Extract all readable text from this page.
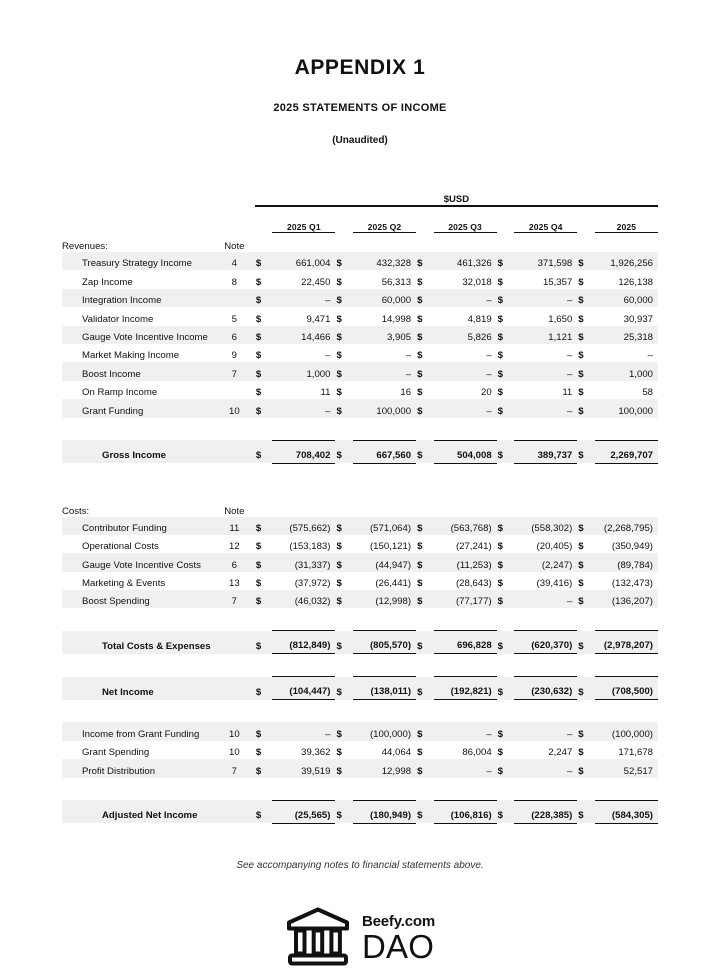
APPENDIX 1
2025 STATEMENTS OF INCOME
(Unaudited)
		$USD									

			2025 Q1		2025 Q2		2025 Q3		2025 Q4		2025
Revenues:	Note										
Treasury Strategy Income	4	$	661,004	$	432,328	$	461,326	$	371,598	$	1,926,256
Zap Income	8	$	22,450	$	56,313	$	32,018	$	15,357	$	126,138
Integration Income		$	–	$	60,000	$	–	$	–	$	60,000
Validator Income	5	$	9,471	$	14,998	$	4,819	$	1,650	$	30,937
Gauge Vote Incentive Income	6	$	14,466	$	3,905	$	5,826	$	1,121	$	25,318
Market Making Income	9	$	–	$	–	$	–	$	–	$	–
Boost Income	7	$	1,000	$	–	$	–	$	–	$	1,000
On Ramp Income		$	11	$	16	$	20	$	11	$	58
Grant Funding	10	$	–	$	100,000	$	–	$	–	$	100,000

Gross Income		$	708,402	$	667,560	$	504,008	$	389,737	$	2,269,707

Costs:	Note										
Contributor Funding	11	$	(575,662)	$	(571,064)	$	(563,768)	$	(558,302)	$	(2,268,795)
Operational Costs	12	$	(153,183)	$	(150,121)	$	(27,241)	$	(20,405)	$	(350,949)
Gauge Vote Incentive Costs	6	$	(31,337)	$	(44,947)	$	(11,253)	$	(2,247)	$	(89,784)
Marketing & Events	13	$	(37,972)	$	(26,441)	$	(28,643)	$	(39,416)	$	(132,473)
Boost Spending	7	$	(46,032)	$	(12,998)	$	(77,177)	$	–	$	(136,207)

Total Costs & Expenses		$	(812,849)	$	(805,570)	$	696,828	$	(620,370)	$	(2,978,207)

Net Income		$	(104,447)	$	(138,011)	$	(192,821)	$	(230,632)	$	(708,500)

Income from Grant Funding	10	$	–	$	(100,000)	$	–	$	–	$	(100,000)
Grant Spending	10	$	39,362	$	44,064	$	86,004	$	2,247	$	171,678
Profit Distribution	7	$	39,519	$	12,998	$	–	$	–	$	52,517

Adjusted Net Income		$	(25,565)	$	(180,949)	$	(106,816)	$	(228,385)	$	(584,305)
See accompanying notes to financial statements above.
Beefy.com
DAO
